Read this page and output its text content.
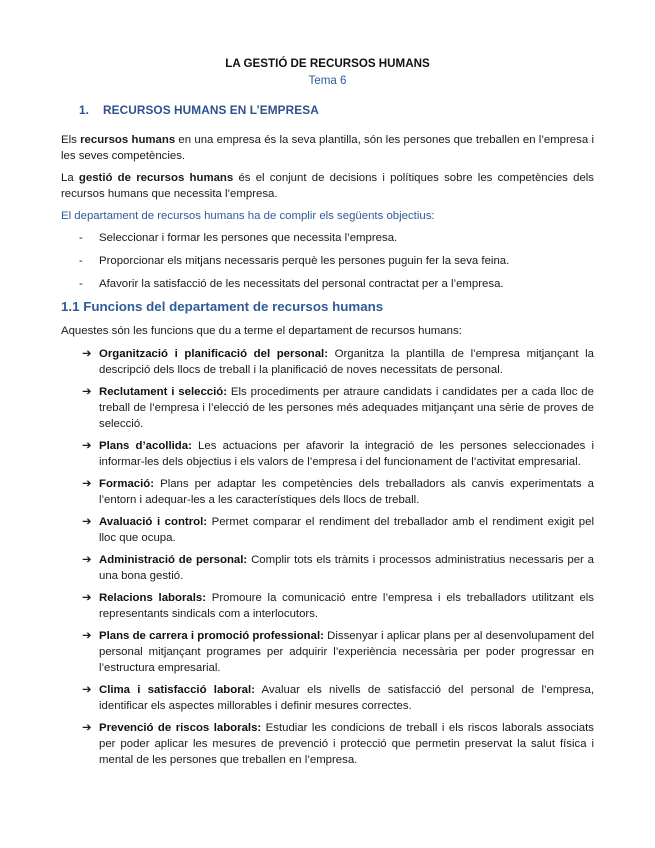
LA GESTIÓ DE RECURSOS HUMANS
Tema 6
1. RECURSOS HUMANS EN L’EMPRESA

Els recursos humans en una empresa és la seva plantilla, són les persones que treballen en l’empresa i les seves competències.

La gestió de recursos humans és el conjunt de decisions i polítiques sobre les competències dels recursos humans que necessita l’empresa.

El departament de recursos humans ha de complir els següents objectius:

- Seleccionar i formar les persones que necessita l’empresa.
- Proporcionar els mitjans necessaris perquè les persones puguin fer la seva feina.
- Afavorir la satisfacció de les necessitats del personal contractat per a l’empresa.
1.1 Funcions del departament de recursos humans

Aquestes són les funcions que du a terme el departament de recursos humans:

➔ Organització i planificació del personal: Organitza la plantilla de l’empresa mitjançant la descripció dels llocs de treball i la planificació de noves necessitats de personal.
➔ Reclutament i selecció: Els procediments per atraure candidats i candidates per a cada lloc de treball de l’empresa i l’elecció de les persones més adequades mitjançant una sèrie de proves de selecció.
➔ Plans d’acollida: Les actuacions per afavorir la integració de les persones seleccionades i informar-les dels objectius i els valors de l’empresa i del funcionament de l’activitat empresarial.
➔ Formació: Plans per adaptar les competències dels treballadors als canvis experimentats a l’entorn i adequar-les a les característiques dels llocs de treball.
➔ Avaluació i control: Permet comparar el rendiment del treballador amb el rendiment exigit pel lloc que ocupa.
➔ Administració de personal: Complir tots els tràmits i processos administratius necessaris per a una bona gestió.
➔ Relacions laborals: Promoure la comunicació entre l’empresa i els treballadors utilitzant els representants sindicals com a interlocutors.
➔ Plans de carrera i promoció professional: Dissenyar i aplicar plans per al desenvolupament del personal mitjançant programes per adquirir l’experiència necessària per poder progressar en l’estructura empresarial.
➔ Clima i satisfacció laboral: Avaluar els nivells de satisfacció del personal de l’empresa, identificar els aspectes millorables i definir mesures correctes.
➔ Prevenció de riscos laborals: Estudiar les condicions de treball i els riscos laborals associats per poder aplicar les mesures de prevenció i protecció que permetin preservat la salut física i mental de les persones que treballen en l’empresa.
